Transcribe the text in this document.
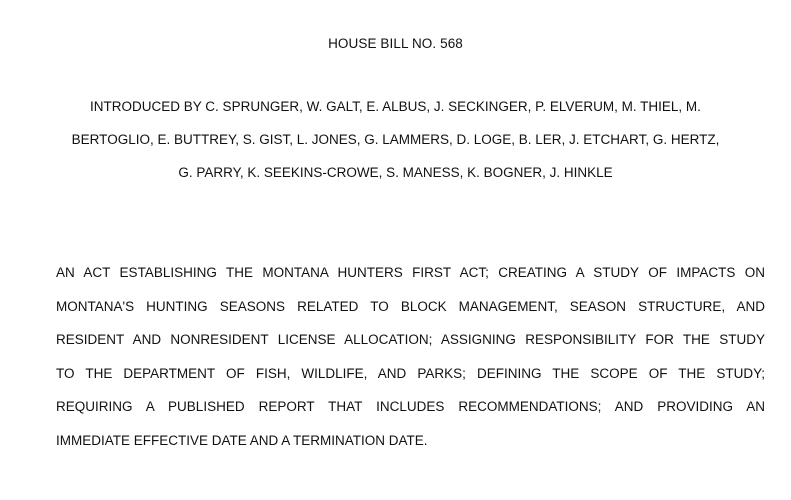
HOUSE BILL NO. 568
INTRODUCED BY C. SPRUNGER, W. GALT, E. ALBUS, J. SECKINGER, P. ELVERUM, M. THIEL, M.
BERTOGLIO, E. BUTTREY, S. GIST, L. JONES, G. LAMMERS, D. LOGE, B. LER, J. ETCHART, G. HERTZ,
G. PARRY, K. SEEKINS-CROWE, S. MANESS, K. BOGNER, J. HINKLE
AN ACT ESTABLISHING THE MONTANA HUNTERS FIRST ACT; CREATING A STUDY OF IMPACTS ON
MONTANA'S HUNTING SEASONS RELATED TO BLOCK MANAGEMENT, SEASON STRUCTURE, AND
RESIDENT AND NONRESIDENT LICENSE ALLOCATION; ASSIGNING RESPONSIBILITY FOR THE STUDY
TO THE DEPARTMENT OF FISH, WILDLIFE, AND PARKS; DEFINING THE SCOPE OF THE STUDY;
REQUIRING A PUBLISHED REPORT THAT INCLUDES RECOMMENDATIONS; AND PROVIDING AN
IMMEDIATE EFFECTIVE DATE AND A TERMINATION DATE.
